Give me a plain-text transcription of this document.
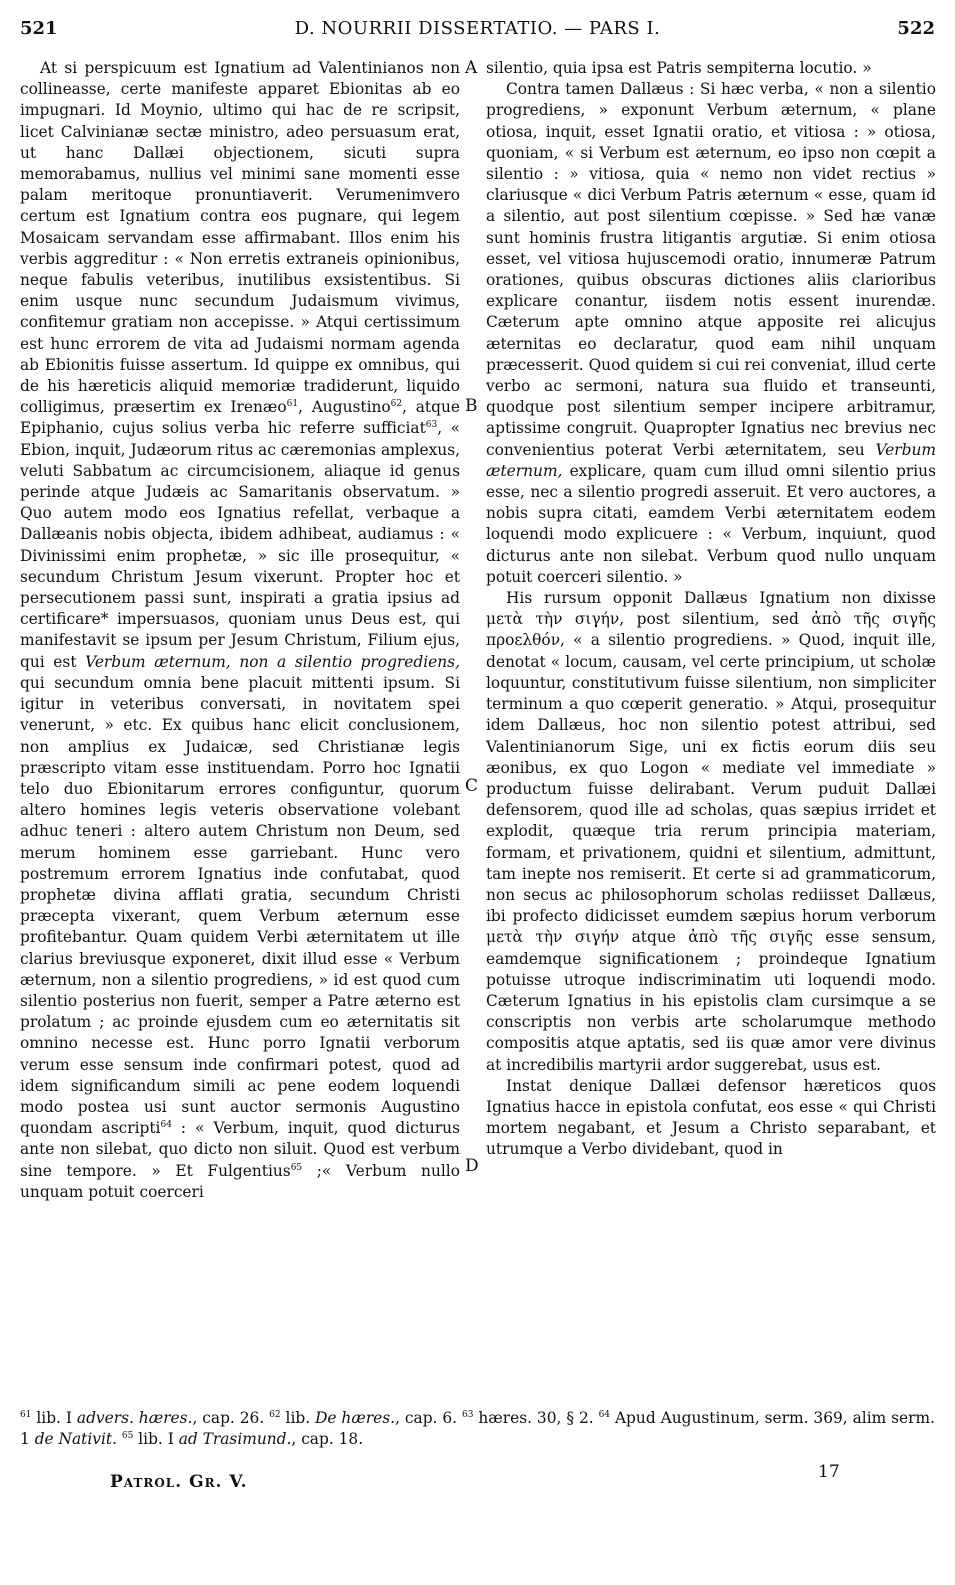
521	D. NOURRII DISSERTATIO. — PARS I.	522

At si perspicuum est Ignatium ad Valentinianos non collineasse, certe manifeste apparet Ebionitas ab eo impugnari. Id Moynio, ultimo qui hac de re scripsit, licet Calvinianæ sectæ ministro, adeo persuasum erat, ut hanc Dallæi objectionem, sicuti supra memorabamus, nullius vel minimi sane momenti esse palam meritoque pronuntiaverit. Verumenimvero certum est Ignatium contra eos pugnare, qui legem Mosaicam servandam esse affirmabant. Illos enim his verbis aggreditur : « Non erretis extraneis opinionibus, neque fabulis veteribus, inutilibus exsistentibus. Si enim usque nunc secundum Judaismum vivimus, confitemur gratiam non accepisse. » Atqui certissimum est hunc errorem de vita ad Judaismi normam agenda ab Ebionitis fuisse assertum. Id quippe ex omnibus, qui de his hæreticis aliquid memoriæ tradiderunt, liquido colligimus, præsertim ex Irenæo$^{61}$, Augustino$^{62}$, atque Epiphanio, cujus solius verba hic referre sufficiat$^{63}$, « Ebion, inquit, Judæorum ritus ac cæremonias amplexus, veluti Sabbatum ac circumcisionem, aliaque id genus perinde atque Judæis ac Samaritanis observatum. » Quo autem modo eos Ignatius refellat, verbaque a Dallæanis nobis objecta, ibidem adhibeat, audiamus : « Divinissimi enim prophetæ, » sic ille prosequitur, « secundum Christum Jesum vixerunt. Propter hoc et persecutionem passi sunt, inspirati a gratia ipsius ad certificare* impersuasos, quoniam unus Deus est, qui manifestavit se ipsum per Jesum Christum, Filium ejus, qui est Verbum æternum, non a silentio progrediens, qui secundum omnia bene placuit mittenti ipsum. Si igitur in veteribus conversati, in novitatem spei venerunt, » etc. Ex quibus hanc elicit conclusionem, non amplius ex Judaicæ, sed Christianæ legis præscripto vitam esse instituendam. Porro hoc Ignatii telo duo Ebionitarum errores configuntur, quorum altero homines legis veteris observatione volebant adhuc teneri : altero autem Christum non Deum, sed merum hominem esse garriebant. Hunc vero postremum errorem Ignatius inde confutabat, quod prophetæ divina afflati gratia, secundum Christi præcepta vixerant, quem Verbum æternum esse profitebantur. Quam quidem Verbi æternitatem ut ille clarius breviusque exponeret, dixit illud esse « Verbum æternum, non a silentio progrediens, » id est quod cum silentio posterius non fuerit, semper a Patre æterno est prolatum ; ac proinde ejusdem cum eo æternitatis sit omnino necesse est. Hunc porro Ignatii verborum verum esse sensum inde confirmari potest, quod ad idem significandum simili ac pene eodem loquendi modo postea usi sunt auctor sermonis Augustino quondam ascripti$^{64}$ : « Verbum, inquit, quod dicturus ante non silebat, quo dicto non siluit. Quod est verbum sine tempore. » Et Fulgentius$^{65}$ ;« Verbum nullo unquam potuit coerceri

A
B
C
D

silentio, quia ipsa est Patris sempiterna locutio. »

Contra tamen Dallæus : Si hæc verba, « non a silentio progrediens, » exponunt Verbum æternum, « plane otiosa, inquit, esset Ignatii oratio, et vitiosa : » otiosa, quoniam, « si Verbum est æternum, eo ipso non cœpit a silentio : » vitiosa, quia « nemo non videt rectius » clariusque « dici Verbum Patris æternum « esse, quam id a silentio, aut post silentium cœpisse. » Sed hæ vanæ sunt hominis frustra litigantis argutiæ. Si enim otiosa esset, vel vitiosa hujuscemodi oratio, innumeræ Patrum orationes, quibus obscuras dictiones aliis clarioribus explicare conantur, iisdem notis essent inurendæ. Cæterum apte omnino atque apposite rei alicujus æternitas eo declaratur, quod eam nihil unquam præcesserit. Quod quidem si cui rei conveniat, illud certe verbo ac sermoni, natura sua fluido et transeunti, quodque post silentium semper incipere arbitramur, aptissime congruit. Quapropter Ignatius nec brevius nec convenientius poterat Verbi æternitatem, seu Verbum æternum, explicare, quam cum illud omni silentio prius esse, nec a silentio progredi asseruit. Et vero auctores, a nobis supra citati, eamdem Verbi æternitatem eodem loquendi modo explicuere : « Verbum, inquiunt, quod dicturus ante non silebat. Verbum quod nullo unquam potuit coerceri silentio. »

His rursum opponit Dallæus Ignatium non dixisse μετὰ τὴν σιγήν, post silentium, sed ἀπὸ τῆς σιγῆς προελθόν, « a silentio progrediens. » Quod, inquit ille, denotat « locum, causam, vel certe principium, ut scholæ loquuntur, constitutivum fuisse silentium, non simpliciter terminum a quo cœperit generatio. » Atqui, prosequitur idem Dallæus, hoc non silentio potest attribui, sed Valentinianorum Sige, uni ex fictis eorum diis seu æonibus, ex quo Logon « mediate vel immediate » productum fuisse delirabant. Verum puduit Dallæi defensorem, quod ille ad scholas, quas sæpius irridet et explodit, quæque tria rerum principia materiam, formam, et privationem, quidni et silentium, admittunt, tam inepte nos remiserit. Et certe si ad grammaticorum, non secus ac philosophorum scholas rediisset Dallæus, ibi profecto didicisset eumdem sæpius horum verborum μετὰ τὴν σιγήν atque ἀπὸ τῆς σιγῆς esse sensum, eamdemque significationem ; proindeque Ignatium potuisse utroque indiscriminatim uti loquendi modo. Cæterum Ignatius in his epistolis clam cursimque a se conscriptis non verbis arte scholarumque methodo compositis atque aptatis, sed iis quæ amor vere divinus at incredibilis martyrii ardor suggerebat, usus est.

Instat denique Dallæi defensor hæreticos quos Ignatius hacce in epistola confutat, eos esse « qui Christi mortem negabant, et Jesum a Christo separabant, et utrumque a Verbo dividebant, quod in

$^{61}$ lib. I advers. hæres., cap. 26. $^{62}$ lib. De hæres., cap. 6. $^{63}$ hæres. 30, § 2. $^{64}$ Apud Augustinum, serm. 369, alim serm. 1 de Nativit. $^{65}$ lib. I ad Trasimund., cap. 18.
Patrol. Gr. V.	17
